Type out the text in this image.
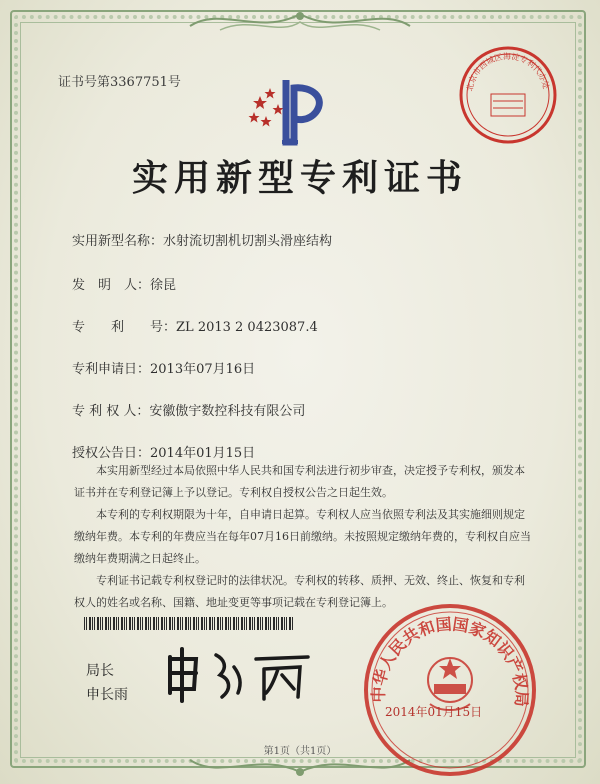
证书号第3367751号	北京市西城区海淀专利代办处
实用新型专利证书
实用新型名称：水射流切割机切割头滑座结构
发　明　人：徐昆
专　　利　　号：ZL 2013 2 0423087.4
专利申请日：2013年07月16日
专 利 权 人：安徽傲宇数控科技有限公司
授权公告日：2014年01月15日

本实用新型经过本局依照中华人民共和国专利法进行初步审查，决定授予专利权，颁发本证书并在专利登记簿上予以登记。专利权自授权公告之日起生效。

本专利的专利权期限为十年，自申请日起算。专利权人应当依照专利法及其实施细则规定缴纳年费。本专利的年费应当在每年07月16日前缴纳。未按照规定缴纳年费的，专利权自应当缴纳年费期满之日起终止。

专利证书记载专利权登记时的法律状况。专利权的转移、质押、无效、终止、恢复和专利权人的姓名或名称、国籍、地址变更等事项记载在专利登记簿上。

局长
申长雨	中华人民共和国国家知识产权局
2014年01月15日
第1页（共1页）
